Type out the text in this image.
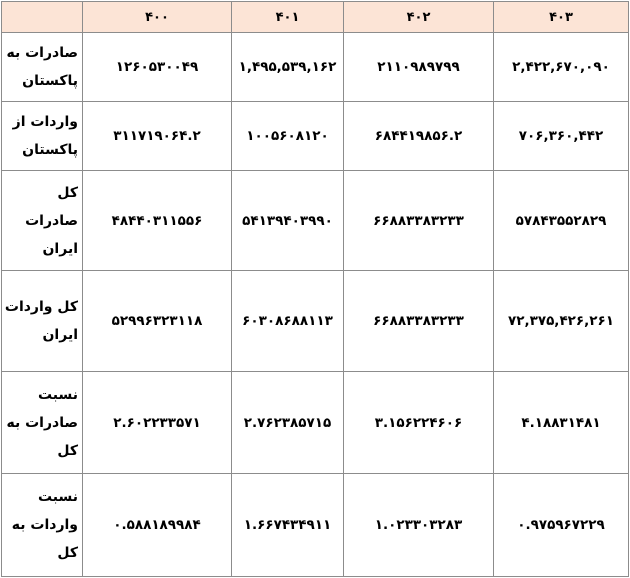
	۴۰۰	۴۰۱	۴۰۲	۴۰۳
صادرات به پاکستان	۱۲۶۰۵۳۰۰۴۹	۱,۴۹۵,۵۳۹,۱۶۲	۲۱۱۰۹۸۹۷۹۹	۲,۴۲۲,۶۷۰,۰۹۰
واردات از پاکستان	۳۱۱۷۱۹۰۶۴.۲	۱۰۰۵۶۰۸۱۲۰	۶۸۴۴۱۹۸۵۶.۲	۷۰۶,۳۶۰,۴۴۲
کل صادرات ایران	۴۸۴۴۰۳۱۱۵۵۶	۵۴۱۳۹۴۰۳۹۹۰	۶۶۸۸۳۳۸۳۲۳۳	۵۷۸۴۳۵۵۲۸۲۹
کل واردات ایران	۵۲۹۹۶۳۲۳۱۱۸	۶۰۳۰۸۶۸۸۱۱۳	۶۶۸۸۳۳۸۳۲۳۳	۷۲,۳۷۵,۴۲۶,۲۶۱
نسبت صادرات به کل	۲.۶۰۲۲۳۳۵۷۱	۲.۷۶۲۳۸۵۷۱۵	۳.۱۵۶۲۲۴۶۰۶	۴.۱۸۸۳۱۴۸۱
نسبت واردات به کل	۰.۵۸۸۱۸۹۹۸۴	۱.۶۶۷۴۳۴۹۱۱	۱.۰۲۳۳۰۳۲۸۳	۰.۹۷۵۹۶۷۲۲۹
